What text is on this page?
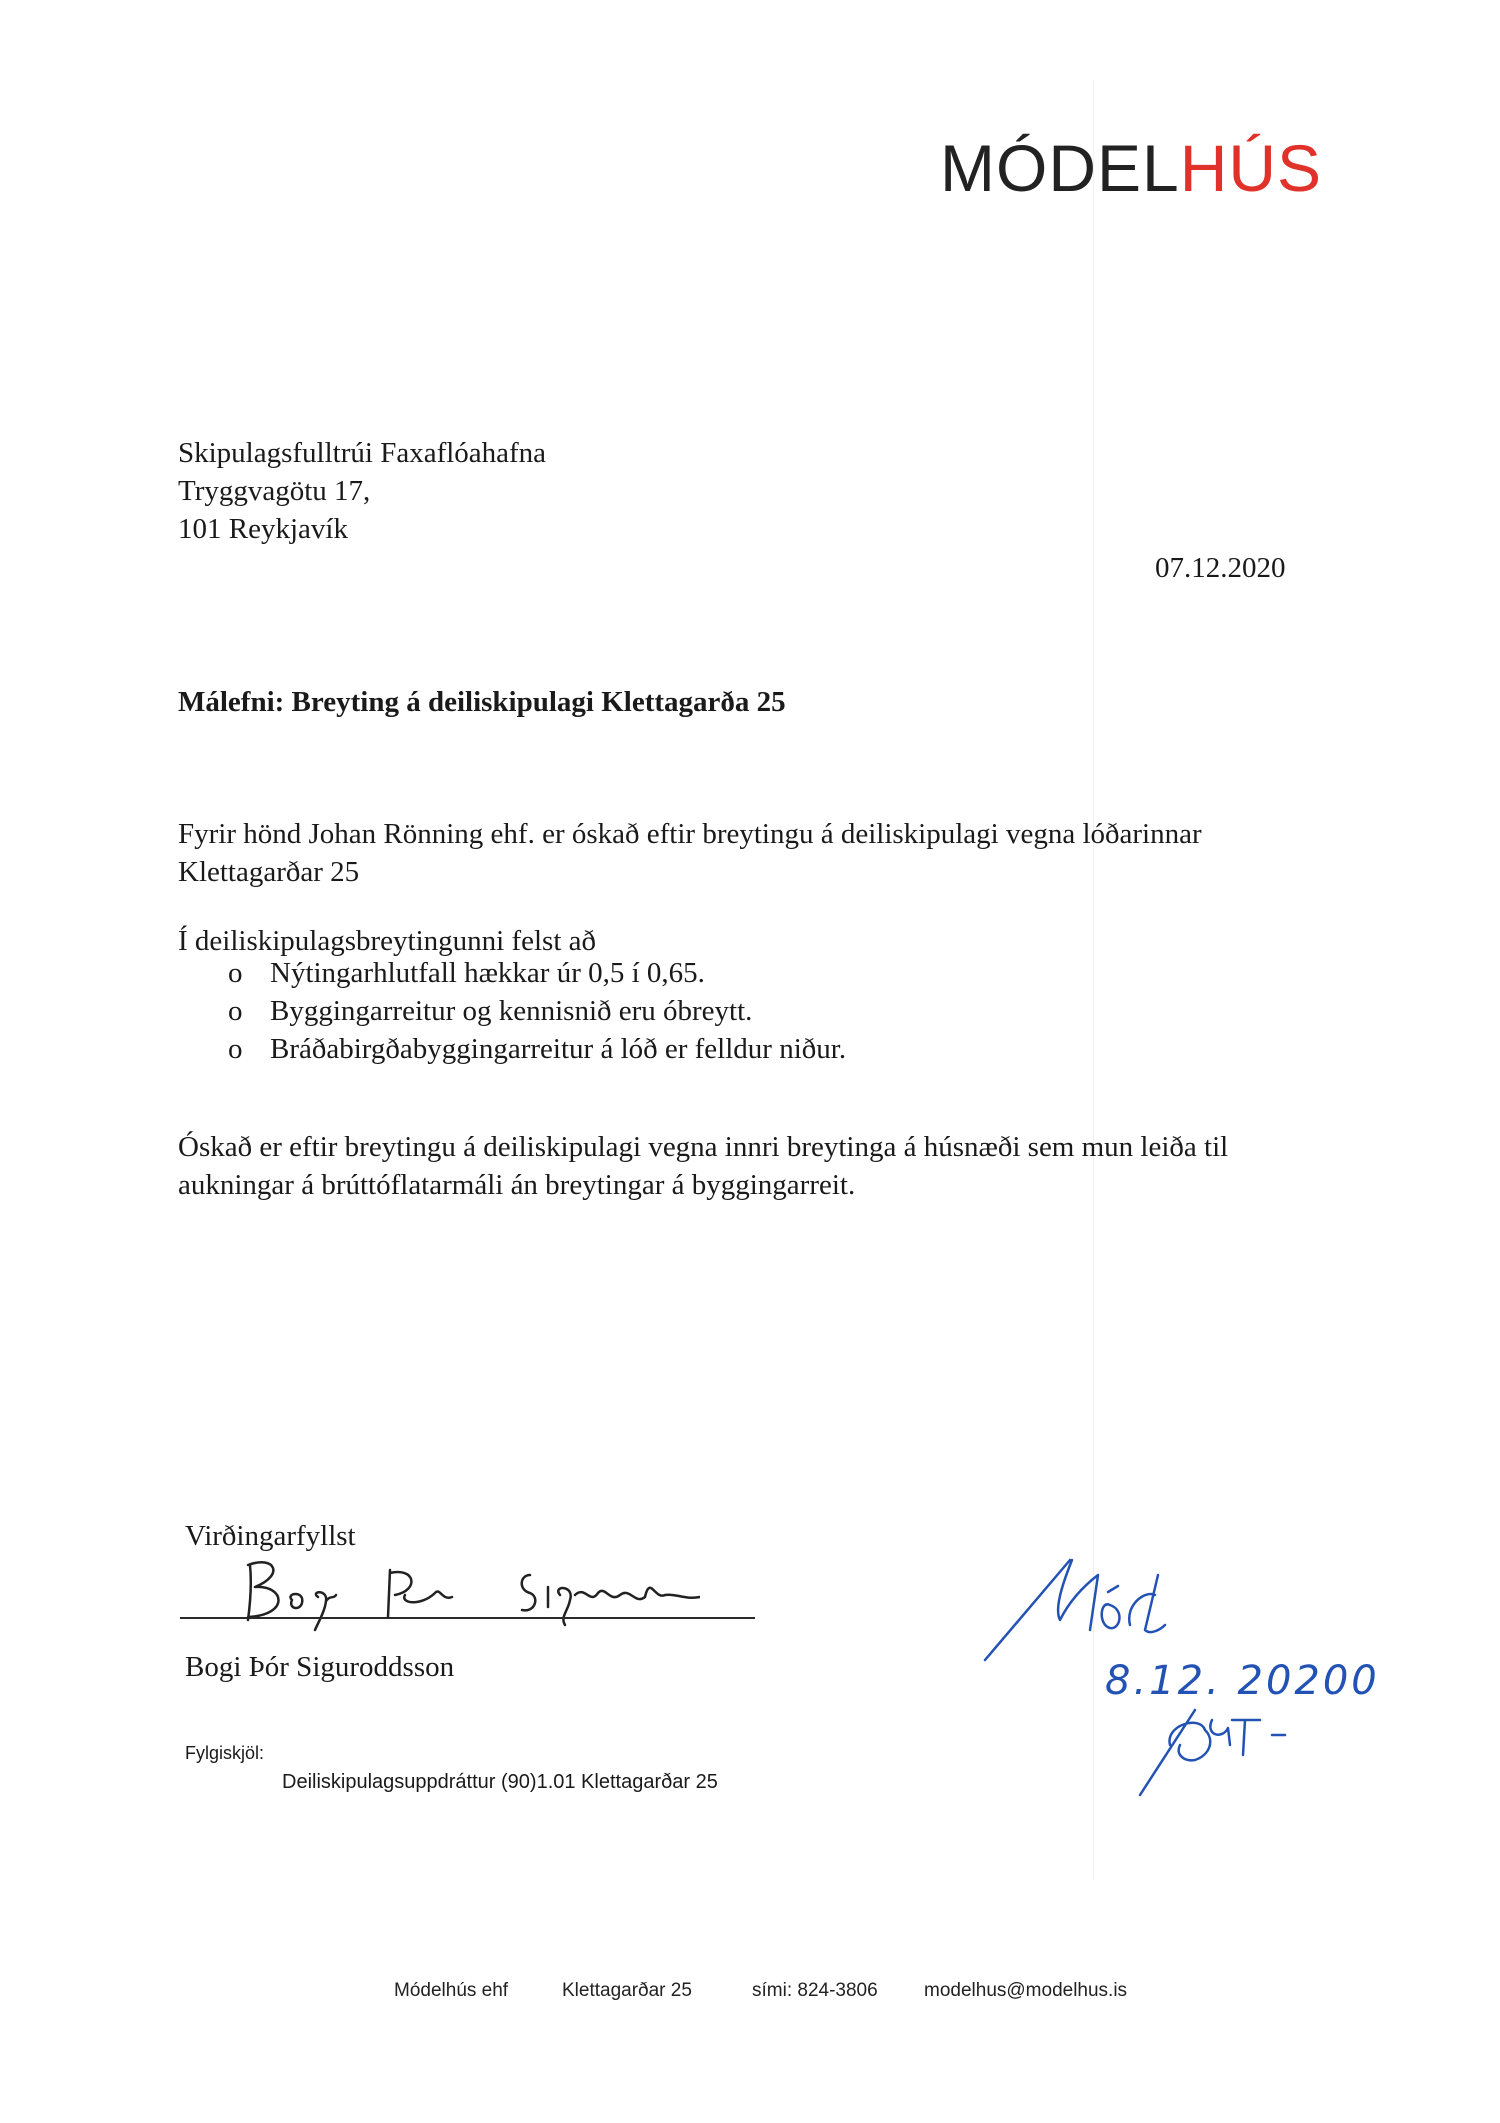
MÓDELHÚS
Skipulagsfulltrúi Faxaflóahafna
Tryggvagötu 17,
101 Reykjavík
07.12.2020
Málefni: Breyting á deiliskipulagi Klettagarða 25
Fyrir hönd Johan Rönning ehf. er óskað eftir breytingu á deiliskipulagi vegna lóðarinnar Klettagarðar 25
Í deiliskipulagsbreytingunni felst að
o Nýtingarhlutfall hækkar úr 0,5 í 0,65.
o Byggingarreitur og kennisnið eru óbreytt.
o Bráðabirgðabyggingarreitur á lóð er felldur niður.
Óskað er eftir breytingu á deiliskipulagi vegna innri breytinga á húsnæði sem mun leiða til aukningar á brúttóflatarmáli án breytingar á byggingarreit.
Virðingarfyllst
Bogi Þór Siguroddsson
Fylgiskjöl:
Deiliskipulagsuppdráttur (90)1.01 Klettagarðar 25
8.12. 20200
Módelhús ehf	Klettagarðar 25	sími: 824-3806 modelhus@modelhus.is
